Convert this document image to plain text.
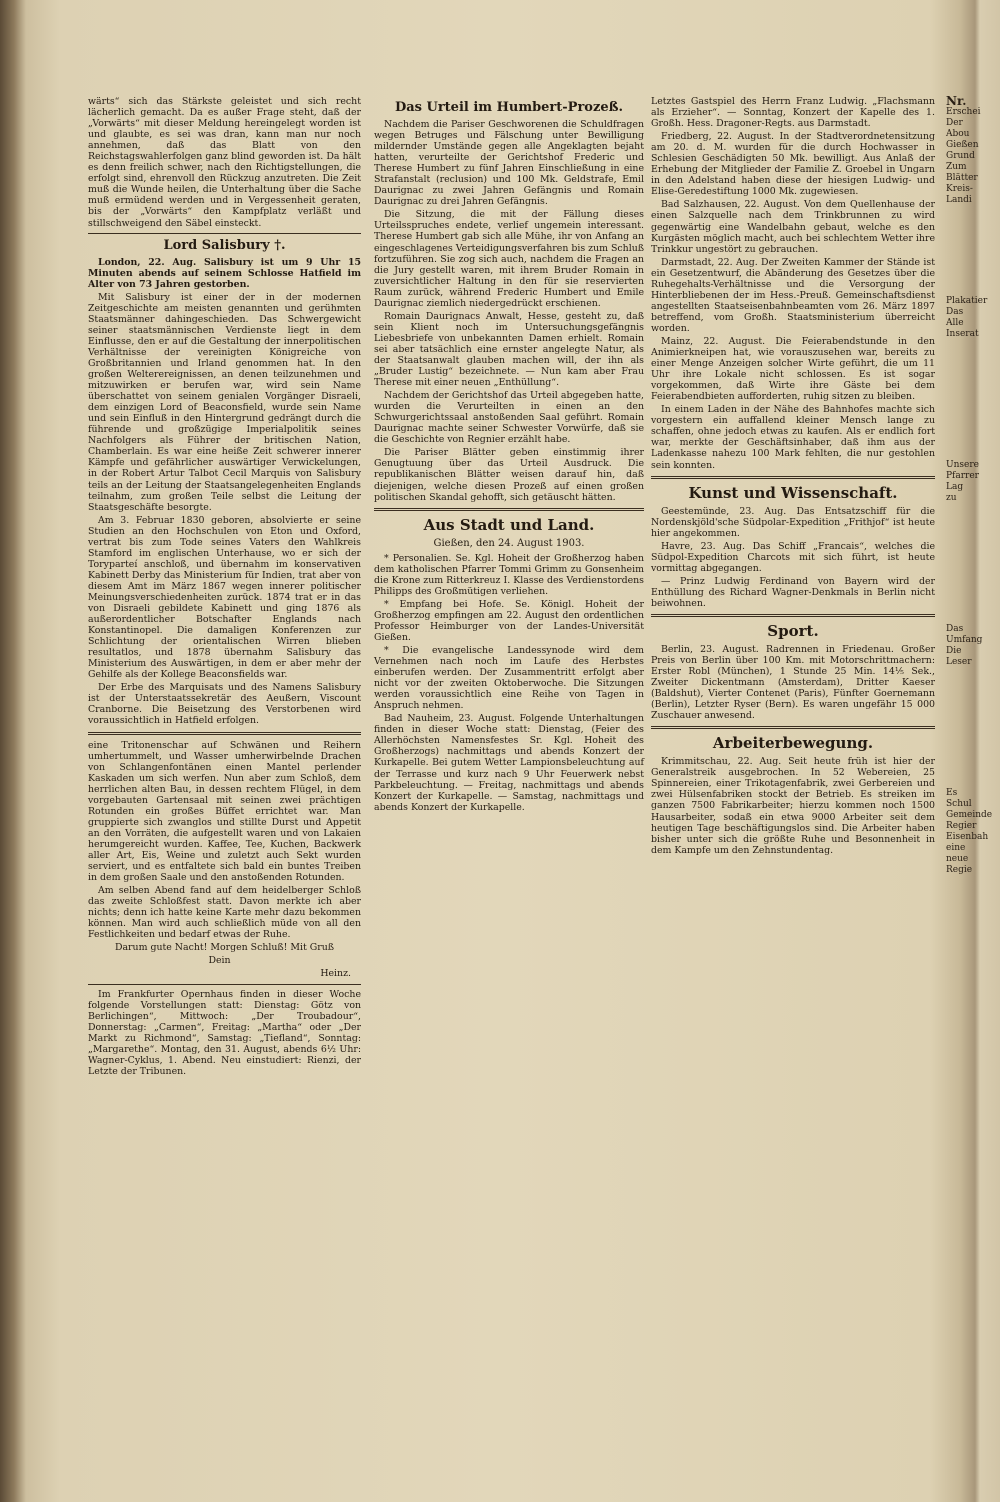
Nr.
Erschei
Der Abou
Gießen
Grund
Zum
Blätter
Kreis-
Landi
Plakatier
Das
Alle
Inserat
Unsere
Pfarrer
Lag
zu
Das
Umfang
Die
Leser
Es
Schul
Gemeinde
Regier
Eisenbah
eine
neue
Regie

wärts“ sich das Stärkste geleistet und sich recht lächerlich gemacht. Da es außer Frage steht, daß der „Vorwärts“ mit dieser Meldung hereingelegt worden ist und glaubte, es sei was dran, kann man nur noch annehmen, daß das Blatt von den Reichstagswahlerfolgen ganz blind geworden ist. Da hält es denn freilich schwer, nach den Richtigstellungen, die erfolgt sind, ehrenvoll den Rückzug anzutreten. Die Zeit muß die Wunde heilen, die Unterhaltung über die Sache muß ermüdend werden und in Vergessenheit geraten, bis der „Vorwärts“ den Kampfplatz verläßt und stillschweigend den Säbel einsteckt.

Lord Salisbury †.

London, 22. Aug. Salisbury ist um 9 Uhr 15 Minuten abends auf seinem Schlosse Hatfield im Alter von 73 Jahren gestorben.

Mit Salisbury ist einer der in der modernen Zeitgeschichte am meisten genannten und gerühmten Staatsmänner dahingeschieden. Das Schwergewicht seiner staatsmännischen Verdienste liegt in dem Einflusse, den er auf die Gestaltung der innerpolitischen Verhältnisse der vereinigten Königreiche von Großbritannien und Irland genommen hat. In den großen Welterereignissen, an denen teilzunehmen und mitzuwirken er berufen war, wird sein Name überschattet von seinem genialen Vorgänger Disraeli, dem einzigen Lord of Beaconsfield, wurde sein Name und sein Einfluß in den Hintergrund gedrängt durch die führende und großzügige Imperialpolitik seines Nachfolgers als Führer der britischen Nation, Chamberlain. Es war eine heiße Zeit schwerer innerer Kämpfe und gefährlicher auswärtiger Verwickelungen, in der Robert Artur Talbot Cecil Marquis von Salisbury teils an der Leitung der Staatsangelegenheiten Englands teilnahm, zum großen Teile selbst die Leitung der Staatsgeschäfte besorgte.

Am 3. Februar 1830 geboren, absolvierte er seine Studien an den Hochschulen von Eton und Oxford, vertrat bis zum Tode seines Vaters den Wahlkreis Stamford im englischen Unterhause, wo er sich der Toryparteí anschloß, und übernahm im konservativen Kabinett Derby das Ministerium für Indien, trat aber von diesem Amt im März 1867 wegen innerer politischer Meinungsverschiedenheiten zurück. 1874 trat er in das von Disraeli gebildete Kabinett und ging 1876 als außerordentlicher Botschafter Englands nach Konstantinopel. Die damaligen Konferenzen zur Schlichtung der orientalischen Wirren blieben resultatlos, und 1878 übernahm Salisbury das Ministerium des Auswärtigen, in dem er aber mehr der Gehilfe als der Kollege Beaconsfields war.

Der Erbe des Marquisats und des Namens Salisbury ist der Unterstaatssekretär des Aeußern, Viscount Cranborne. Die Beisetzung des Verstorbenen wird voraussichtlich in Hatfield erfolgen.

eine Tritonenschar auf Schwänen und Reihern umhertummelt, und Wasser umherwirbelnde Drachen von Schlangenfontänen einen Mantel perlender Kaskaden um sich werfen. Nun aber zum Schloß, dem herrlichen alten Bau, in dessen rechtem Flügel, in dem vorgebauten Gartensaal mit seinen zwei prächtigen Rotunden ein großes Büffet errichtet war. Man gruppierte sich zwanglos und stillte Durst und Appetit an den Vorräten, die aufgestellt waren und von Lakaien herumgereicht wurden. Kaffee, Tee, Kuchen, Backwerk aller Art, Eis, Weine und zuletzt auch Sekt wurden serviert, und es entfaltete sich bald ein buntes Treiben in dem großen Saale und den anstoßenden Rotunden.

Am selben Abend fand auf dem heidelberger Schloß das zweite Schloßfest statt. Davon merkte ich aber nichts; denn ich hatte keine Karte mehr dazu bekommen können. Man wird auch schließlich müde von all den Festlichkeiten und bedarf etwas der Ruhe.

Darum gute Nacht! Morgen Schluß! Mit Gruß

Dein
Heinz.

Im Frankfurter Opernhaus finden in dieser Woche folgende Vorstellungen statt: Dienstag: Götz von Berlichingen“, Mittwoch: „Der Troubadour“, Donnerstag: „Carmen“, Freitag: „Martha“ oder „Der Markt zu Richmond“, Samstag: „Tiefland“, Sonntag: „Margarethe“. Montag, den 31. August, abends 6½ Uhr: Wagner-Cyklus, 1. Abend. Neu einstudiert: Rienzi, der Letzte der Tribunen.

Das Urteil im Humbert-Prozeß.

Nachdem die Pariser Geschworenen die Schuldfragen wegen Betruges und Fälschung unter Bewilligung mildernder Umstände gegen alle Angeklagten bejaht hatten, verurteilte der Gerichtshof Frederic und Therese Humbert zu fünf Jahren Einschließung in eine Strafanstalt (reclusion) und 100 Mk. Geldstrafe, Emil Daurignac zu zwei Jahren Gefängnis und Romain Daurignac zu drei Jahren Gefängnis.

Die Sitzung, die mit der Fällung dieses Urteilsspruches endete, verlief ungemein interessant. Therese Humbert gab sich alle Mühe, ihr von Anfang an eingeschlagenes Verteidigungsverfahren bis zum Schluß fortzuführen. Sie zog sich auch, nachdem die Fragen an die Jury gestellt waren, mit ihrem Bruder Romain in zuversichtlicher Haltung in den für sie reservierten Raum zurück, während Frederic Humbert und Emile Daurignac ziemlich niedergedrückt erschienen.

Romain Daurignacs Anwalt, Hesse, gesteht zu, daß sein Klient noch im Untersuchungsgefängnis Liebesbriefe von unbekannten Damen erhielt. Romain sei aber tatsächlich eine ernster angelegte Natur, als der Staatsanwalt glauben machen will, der ihn als „Bruder Lustig“ bezeichnete. — Nun kam aber Frau Therese mit einer neuen „Enthüllung“.

Nachdem der Gerichtshof das Urteil abgegeben hatte, wurden die Verurteilten in einen an den Schwurgerichtssaal anstoßenden Saal geführt. Romain Daurignac machte seiner Schwester Vorwürfe, daß sie die Geschichte von Regnier erzählt habe.

Die Pariser Blätter geben einstimmig ihrer Genugtuung über das Urteil Ausdruck. Die republikanischen Blätter weisen darauf hin, daß diejenigen, welche diesen Prozeß auf einen großen politischen Skandal gehofft, sich getäuscht hätten.

Aus Stadt und Land.
Gießen, den 24. August 1903.

* Personalien. Se. Kgl. Hoheit der Großherzog haben dem katholischen Pfarrer Tommi Grimm zu Gonsenheim die Krone zum Ritterkreuz I. Klasse des Verdienstordens Philipps des Großmütigen verliehen.

* Empfang bei Hofe. Se. Königl. Hoheit der Großherzog empfingen am 22. August den ordentlichen Professor Heimburger von der Landes-Universität Gießen.

* Die evangelische Landessynode wird dem Vernehmen nach noch im Laufe des Herbstes einberufen werden. Der Zusammentritt erfolgt aber nicht vor der zweiten Oktoberwoche. Die Sitzungen werden voraussichtlich eine Reihe von Tagen in Anspruch nehmen.

Bad Nauheim, 23. August. Folgende Unterhaltungen finden in dieser Woche statt: Dienstag, (Feier des Allerhöchsten Namensfestes Sr. Kgl. Hoheit des Großherzogs) nachmittags und abends Konzert der Kurkapelle. Bei gutem Wetter Lampionsbeleuchtung auf der Terrasse und kurz nach 9 Uhr Feuerwerk nebst Parkbeleuchtung. — Freitag, nachmittags und abends Konzert der Kurkapelle. — Samstag, nachmittags und abends Konzert der Kurkapelle.

Letztes Gastspiel des Herrn Franz Ludwig. „Flachsmann als Erzieher“. — Sonntag, Konzert der Kapelle des 1. Großh. Hess. Dragoner-Regts. aus Darmstadt.

Friedberg, 22. August. In der Stadtverordnetensitzung am 20. d. M. wurden für die durch Hochwasser in Schlesien Geschädigten 50 Mk. bewilligt. Aus Anlaß der Erhebung der Mitglieder der Familie Z. Groebel in Ungarn in den Adelstand haben diese der hiesigen Ludwig- und Elise-Geredestiftung 1000 Mk. zugewiesen.

Bad Salzhausen, 22. August. Von dem Quellenhause der einen Salzquelle nach dem Trinkbrunnen zu wird gegenwärtig eine Wandelbahn gebaut, welche es den Kurgästen möglich macht, auch bei schlechtem Wetter ihre Trinkkur ungestört zu gebrauchen.

Darmstadt, 22. Aug. Der Zweiten Kammer der Stände ist ein Gesetzentwurf, die Abänderung des Gesetzes über die Ruhegehalts-Verhältnisse und die Versorgung der Hinterbliebenen der im Hess.-Preuß. Gemeinschaftsdienst angestellten Staatseisenbahnbeamten vom 26. März 1897 betreffend, vom Großh. Staatsministerium überreicht worden.

Mainz, 22. August. Die Feierabendstunde in den Animierkneipen hat, wie vorauszusehen war, bereits zu einer Menge Anzeigen solcher Wirte geführt, die um 11 Uhr ihre Lokale nicht schlossen. Es ist sogar vorgekommen, daß Wirte ihre Gäste bei dem Feierabendbieten aufforderten, ruhig sitzen zu bleiben.

In einem Laden in der Nähe des Bahnhofes machte sich vorgestern ein auffallend kleiner Mensch lange zu schaffen, ohne jedoch etwas zu kaufen. Als er endlich fort war, merkte der Geschäftsinhaber, daß ihm aus der Ladenkasse nahezu 100 Mark fehlten, die nur gestohlen sein konnten.

Kunst und Wissenschaft.

Geestemünde, 23. Aug. Das Entsatzschiff für die Nordenskjöld'sche Südpolar-Expedition „Frithjof“ ist heute hier angekommen.

Havre, 23. Aug. Das Schiff „Francais“, welches die Südpol-Expedition Charcots mit sich führt, ist heute vormittag abgegangen.

— Prinz Ludwig Ferdinand von Bayern wird der Enthüllung des Richard Wagner-Denkmals in Berlin nicht beiwohnen.

Sport.

Berlin, 23. August. Radrennen in Friedenau. Großer Preis von Berlin über 100 Km. mit Motorschrittmachern: Erster Robl (München), 1 Stunde 25 Min. 14⅕ Sek., Zweiter Dickentmann (Amsterdam), Dritter Kaeser (Baldshut), Vierter Contenet (Paris), Fünfter Goernemann (Berlin), Letzter Ryser (Bern). Es waren ungefähr 15 000 Zuschauer anwesend.

Arbeiterbewegung.

Krimmitschau, 22. Aug. Seit heute früh ist hier der Generalstreik ausgebrochen. In 52 Webereien, 25 Spinnereien, einer Trikotagenfabrik, zwei Gerbereien und zwei Hülsenfabriken stockt der Betrieb. Es streiken im ganzen 7500 Fabrikarbeiter; hierzu kommen noch 1500 Hausarbeiter, sodaß ein etwa 9000 Arbeiter seit dem heutigen Tage beschäftigungslos sind. Die Arbeiter haben bisher unter sich die größte Ruhe und Besonnenheit in dem Kampfe um den Zehnstundentag.
